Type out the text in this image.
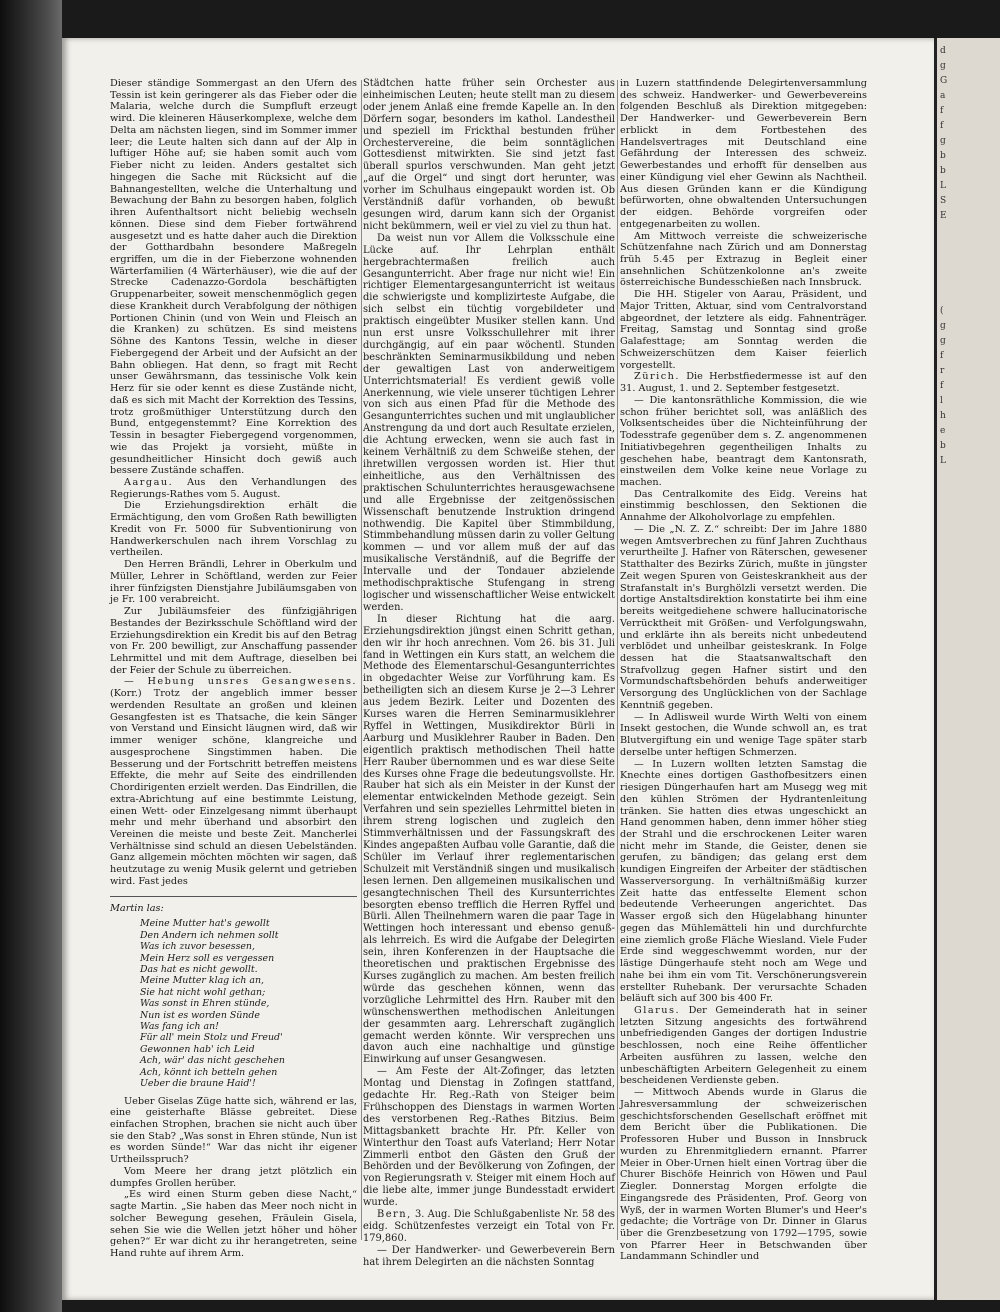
Dieser ständige Sommergast an den Ufern des Tessin ist kein geringerer als das Fieber oder die Malaria, welche durch die Sumpfluft erzeugt wird. Die kleineren Häuserkomplexe, welche dem Delta am nächsten liegen, sind im Sommer immer leer; die Leute halten sich dann auf der Alp in luftiger Höhe auf; sie haben somit auch vom Fieber nicht zu leiden. Anders gestaltet sich hingegen die Sache mit Rücksicht auf die Bahnangestellten, welche die Unterhaltung und Bewachung der Bahn zu besorgen haben, folglich ihren Aufenthaltsort nicht beliebig wechseln können. Diese sind dem Fieber fortwährend ausgesetzt und es hatte daher auch die Direktion der Gotthardbahn besondere Maßregeln ergriffen, um die in der Fieberzone wohnenden Wärterfamilien (4 Wärterhäuser), wie die auf der Strecke Cadenazzo-Gordola beschäftigten Gruppenarbeiter, soweit menschenmöglich gegen diese Krankheit durch Verabfolgung der nöthigen Portionen Chinin (und von Wein und Fleisch an die Kranken) zu schützen. Es sind meistens Söhne des Kantons Tessin, welche in dieser Fiebergegend der Arbeit und der Aufsicht an der Bahn obliegen. Hat denn, so fragt mit Recht unser Gewährsmann, das tessinische Volk kein Herz für sie oder kennt es diese Zustände nicht, daß es sich mit Macht der Korrektion des Tessins, trotz großmüthiger Unterstützung durch den Bund, entgegenstemmt? Eine Korrektion des Tessin in besagter Fiebergegend vorgenommen, wie das Projekt ja vorsieht, müßte in gesundheitlicher Hinsicht doch gewiß auch bessere Zustände schaffen.

Aargau. Aus den Verhandlungen des Regierungs-Rathes vom 5. August.

Die Erziehungsdirektion erhält die Ermächtigung, den vom Großen Rath bewilligten Kredit von Fr. 5000 für Subventionirung von Handwerkerschulen nach ihrem Vorschlag zu vertheilen.

Den Herren Brändli, Lehrer in Oberkulm und Müller, Lehrer in Schöftland, werden zur Feier ihrer fünfzigsten Dienstjahre Jubiläumsgaben von je Fr. 100 verabreicht.

Zur Jubiläumsfeier des fünfzigjährigen Bestandes der Bezirksschule Schöftland wird der Erziehungsdirektion ein Kredit bis auf den Betrag von Fr. 200 bewilligt, zur Anschaffung passender Lehrmittel und mit dem Auftrage, dieselben bei der Feier der Schule zu überreichen.

— Hebung unsres Gesangwesens. (Korr.) Trotz der angeblich immer besser werdenden Resultate an großen und kleinen Gesangfesten ist es Thatsache, die kein Sänger von Verstand und Einsicht läugnen wird, daß wir immer weniger schöne, klangreiche und ausgesprochene Singstimmen haben. Die Besserung und der Fortschritt betreffen meistens Effekte, die mehr auf Seite des eindrillenden Chordirigenten erzielt werden. Das Eindrillen, die extra-Abrichtung auf eine bestimmte Leistung, einen Wett- oder Einzelgesang nimmt überhaupt mehr und mehr überhand und absorbirt den Vereinen die meiste und beste Zeit. Mancherlei Verhältnisse sind schuld an diesen Uebelständen. Ganz allgemein möchten möchten wir sagen, daß heutzutage zu wenig Musik gelernt und getrieben wird. Fast jedes

Martin las:

Meine Mutter hat's gewollt
Den Andern ich nehmen sollt
Was ich zuvor besessen,
Mein Herz soll es vergessen
Das hat es nicht gewollt.
Meine Mutter klag ich an,
Sie hat nicht wohl gethan;
Was sonst in Ehren stünde,
Nun ist es worden Sünde
Was fang ich an!
Für all' mein Stolz und Freud'
Gewonnen hab' ich Leid
Ach, wär' das nicht geschehen
Ach, könnt ich betteln gehen
Ueber die braune Haid'!

Ueber Giselas Züge hatte sich, während er las, eine geisterhafte Blässe gebreitet. Diese einfachen Strophen, brachen sie nicht auch über sie den Stab? „Was sonst in Ehren stünde, Nun ist es worden Sünde!“ War das nicht ihr eigener Urtheilsspruch?

Vom Meere her drang jetzt plötzlich ein dumpfes Grollen herüber.

„Es wird einen Sturm geben diese Nacht,“ sagte Martin. „Sie haben das Meer noch nicht in solcher Bewegung gesehen, Fräulein Gisela, sehen Sie wie die Wellen jetzt höher und höher gehen?“ Er war dicht zu ihr herangetreten, seine Hand ruhte auf ihrem Arm.

Städtchen hatte früher sein Orchester aus einheimischen Leuten; heute stellt man zu diesem oder jenem Anlaß eine fremde Kapelle an. In den Dörfern sogar, besonders im kathol. Landestheil und speziell im Frickthal bestunden früher Orchestervereine, die beim sonntäglichen Gottesdienst mitwirkten. Sie sind jetzt fast überall spurlos verschwunden. Man geht jetzt „auf die Orgel“ und singt dort herunter, was vorher im Schulhaus eingepaukt worden ist. Ob Verständniß dafür vorhanden, ob bewußt gesungen wird, darum kann sich der Organist nicht bekümmern, weil er viel zu viel zu thun hat.

Da weist nun vor Allem die Volksschule eine Lücke auf. Ihr Lehrplan enthält hergebrachtermaßen freilich auch Gesangunterricht. Aber frage nur nicht wie! Ein richtiger Elementargesangunterricht ist weitaus die schwierigste und komplizirteste Aufgabe, die sich selbst ein tüchtig vorgebildeter und praktisch eingeübter Musiker stellen kann. Und nun erst unsre Volksschullehrer mit ihrer durchgängig, auf ein paar wöchentl. Stunden beschränkten Seminarmusikbildung und neben der gewaltigen Last von anderweitigem Unterrichtsmaterial! Es verdient gewiß volle Anerkennung, wie viele unserer tüchtigen Lehrer von sich aus einen Pfad für die Methode des Gesangunterrichtes suchen und mit unglaublicher Anstrengung da und dort auch Resultate erzielen, die Achtung erwecken, wenn sie auch fast in keinem Verhältniß zu dem Schweiße stehen, der ihretwillen vergossen worden ist. Hier thut einheitliche, aus den Verhältnissen des praktischen Schulunterrichtes herausgewachsene und alle Ergebnisse der zeitgenössischen Wissenschaft benutzende Instruktion dringend nothwendig. Die Kapitel über Stimmbildung, Stimmbehandlung müssen darin zu voller Geltung kommen — und vor allem muß der auf das musikalische Verständniß, auf die Begriffe der Intervalle und der Tondauer abzielende methodischpraktische Stufengang in streng logischer und wissenschaftlicher Weise entwickelt werden.

In dieser Richtung hat die aarg. Erziehungsdirektion jüngst einen Schritt gethan, den wir ihr hoch anrechnen. Vom 26. bis 31. Juli fand in Wettingen ein Kurs statt, an welchem die Methode des Elementarschul-Gesangunterrichtes in obgedachter Weise zur Vorführung kam. Es betheiligten sich an diesem Kurse je 2—3 Lehrer aus jedem Bezirk. Leiter und Dozenten des Kurses waren die Herren Seminarmusiklehrer Ryffel in Wettingen, Musikdirektor Bürli in Aarburg und Musiklehrer Rauber in Baden. Den eigentlich praktisch methodischen Theil hatte Herr Rauber übernommen und es war diese Seite des Kurses ohne Frage die bedeutungsvollste. Hr. Rauber hat sich als ein Meister in der Kunst der elementar entwickelnden Methode gezeigt. Sein Verfahren und sein spezielles Lehrmittel bieten in ihrem streng logischen und zugleich den Stimmverhältnissen und der Fassungskraft des Kindes angepaßten Aufbau volle Garantie, daß die Schüler im Verlauf ihrer reglementarischen Schulzeit mit Verständniß singen und musikalisch lesen lernen. Den allgemeinen musikalischen und gesangtechnischen Theil des Kursunterrichtes besorgten ebenso trefflich die Herren Ryffel und Bürli. Allen Theilnehmern waren die paar Tage in Wettingen hoch interessant und ebenso genuß- als lehrreich. Es wird die Aufgabe der Delegirten sein, ihren Konferenzen in der Hauptsache die theoretischen und praktischen Ergebnisse des Kurses zugänglich zu machen. Am besten freilich würde das geschehen können, wenn das vorzügliche Lehrmittel des Hrn. Rauber mit den wünschenswerthen methodischen Anleitungen der gesammten aarg. Lehrerschaft zugänglich gemacht werden könnte. Wir versprechen uns davon auch eine nachhaltige und günstige Einwirkung auf unser Gesangwesen.

— Am Feste der Alt-Zofinger, das letzten Montag und Dienstag in Zofingen stattfand, gedachte Hr. Reg.-Rath von Steiger beim Frühschoppen des Dienstags in warmen Worten des verstorbenen Reg.-Rathes Bitzius. Beim Mittagsbankett brachte Hr. Pfr. Keller von Winterthur den Toast aufs Vaterland; Herr Notar Zimmerli entbot den Gästen den Gruß der Behörden und der Bevölkerung von Zofingen, der von Regierungsrath v. Steiger mit einem Hoch auf die liebe alte, immer junge Bundesstadt erwidert wurde.

Bern, 3. Aug. Die Schlußgabenliste Nr. 58 des eidg. Schützenfestes verzeigt ein Total von Fr. 179,860.

— Der Handwerker- und Gewerbeverein Bern hat ihrem Delegirten an die nächsten Sonntag

in Luzern stattfindende Delegirtenversammlung des schweiz. Handwerker- und Gewerbevereins folgenden Beschluß als Direktion mitgegeben: Der Handwerker- und Gewerbeverein Bern erblickt in dem Fortbestehen des Handelsvertrages mit Deutschland eine Gefährdung der Interessen des schweiz. Gewerbestandes und erhofft für denselben aus einer Kündigung viel eher Gewinn als Nachtheil. Aus diesen Gründen kann er die Kündigung befürworten, ohne obwaltenden Untersuchungen der eidgen. Behörde vorgreifen oder entgegenarbeiten zu wollen.

Am Mittwoch verreiste die schweizerische Schützenfahne nach Zürich und am Donnerstag früh 5.45 per Extrazug in Begleit einer ansehnlichen Schützenkolonne an's zweite österreichische Bundesschießen nach Innsbruck.

Die HH. Stigeler von Aarau, Präsident, und Major Tritten, Aktuar, sind vom Centralvorstand abgeordnet, der letztere als eidg. Fahnenträger. Freitag, Samstag und Sonntag sind große Galafesttage; am Sonntag werden die Schweizerschützen dem Kaiser feierlich vorgestellt.

Zürich. Die Herbstfiedermesse ist auf den 31. August, 1. und 2. September festgesetzt.

— Die kantonsräthliche Kommission, die wie schon früher berichtet soll, was anläßlich des Volksentscheides über die Nichteinführung der Todesstrafe gegenüber dem s. Z. angenommenen Initiativbegehren gegentheiligen Inhalts zu geschehen habe, beantragt dem Kantonsrath, einstweilen dem Volke keine neue Vorlage zu machen.

Das Centralkomite des Eidg. Vereins hat einstimmig beschlossen, den Sektionen die Annahme der Alkoholvorlage zu empfehlen.

— Die „N. Z. Z.“ schreibt: Der im Jahre 1880 wegen Amtsverbrechen zu fünf Jahren Zuchthaus verurtheilte J. Hafner von Räterschen, gewesener Statthalter des Bezirks Zürich, mußte in jüngster Zeit wegen Spuren von Geisteskrankheit aus der Strafanstalt in's Burghölzli versetzt werden. Die dortige Anstaltsdirektion konstatirte bei ihm eine bereits weitgediehene schwere hallucinatorische Verrücktheit mit Größen- und Verfolgungswahn, und erklärte ihn als bereits nicht unbedeutend verblödet und unheilbar geisteskrank. In Folge dessen hat die Staatsanwaltschaft den Strafvollzug gegen Hafner sistirt und den Vormundschaftsbehörden behufs anderweitiger Versorgung des Unglücklichen von der Sachlage Kenntniß gegeben.

— In Adlisweil wurde Wirth Welti von einem Insekt gestochen, die Wunde schwoll an, es trat Blutvergiftung ein und wenige Tage später starb derselbe unter heftigen Schmerzen.

— In Luzern wollten letzten Samstag die Knechte eines dortigen Gasthofbesitzers einen riesigen Düngerhaufen hart am Musegg weg mit den kühlen Strömen der Hydrantenleitung tränken. Sie hatten dies etwas ungeschickt an Hand genommen haben, denn immer höher stieg der Strahl und die erschrockenen Leiter waren nicht mehr im Stande, die Geister, denen sie gerufen, zu bändigen; das gelang erst dem kundigen Eingreifen der Arbeiter der städtischen Wasserversorgung. In verhältnißmäßig kurzer Zeit hatte das entfesselte Element schon bedeutende Verheerungen angerichtet. Das Wasser ergoß sich den Hügelabhang hinunter gegen das Mühlemätteli hin und durchfurchte eine ziemlich große Fläche Wiesland. Viele Fuder Erde sind weggeschwemmt worden, nur der lästige Düngerhaufe steht noch am Wege und nahe bei ihm ein vom Tit. Verschönerungsverein erstellter Ruhebank. Der verursachte Schaden beläuft sich auf 300 bis 400 Fr.

Glarus. Der Gemeinderath hat in seiner letzten Sitzung angesichts des fortwährend unbefriedigenden Ganges der dortigen Industrie beschlossen, noch eine Reihe öffentlicher Arbeiten ausführen zu lassen, welche den unbeschäftigten Arbeitern Gelegenheit zu einem bescheidenen Verdienste geben.

— Mittwoch Abends wurde in Glarus die Jahresversammlung der schweizerischen geschichtsforschenden Gesellschaft eröffnet mit dem Bericht über die Publikationen. Die Professoren Huber und Busson in Innsbruck wurden zu Ehrenmitgliedern ernannt. Pfarrer Meier in Ober-Urnen hielt einen Vortrag über die Churer Bischöfe Heinrich von Höwen und Paul Ziegler. Donnerstag Morgen erfolgte die Eingangsrede des Präsidenten, Prof. Georg von Wyß, der in warmen Worten Blumer's und Heer's gedachte; die Vorträge von Dr. Dinner in Glarus über die Grenzbesetzung von 1792—1795, sowie von Pfarrer Heer in Betschwanden über Landammann Schindler und

d
g
G
a
f
f
g
b
b
L
S
E
(
g
g
f
r
f
l
h
e
b
L
